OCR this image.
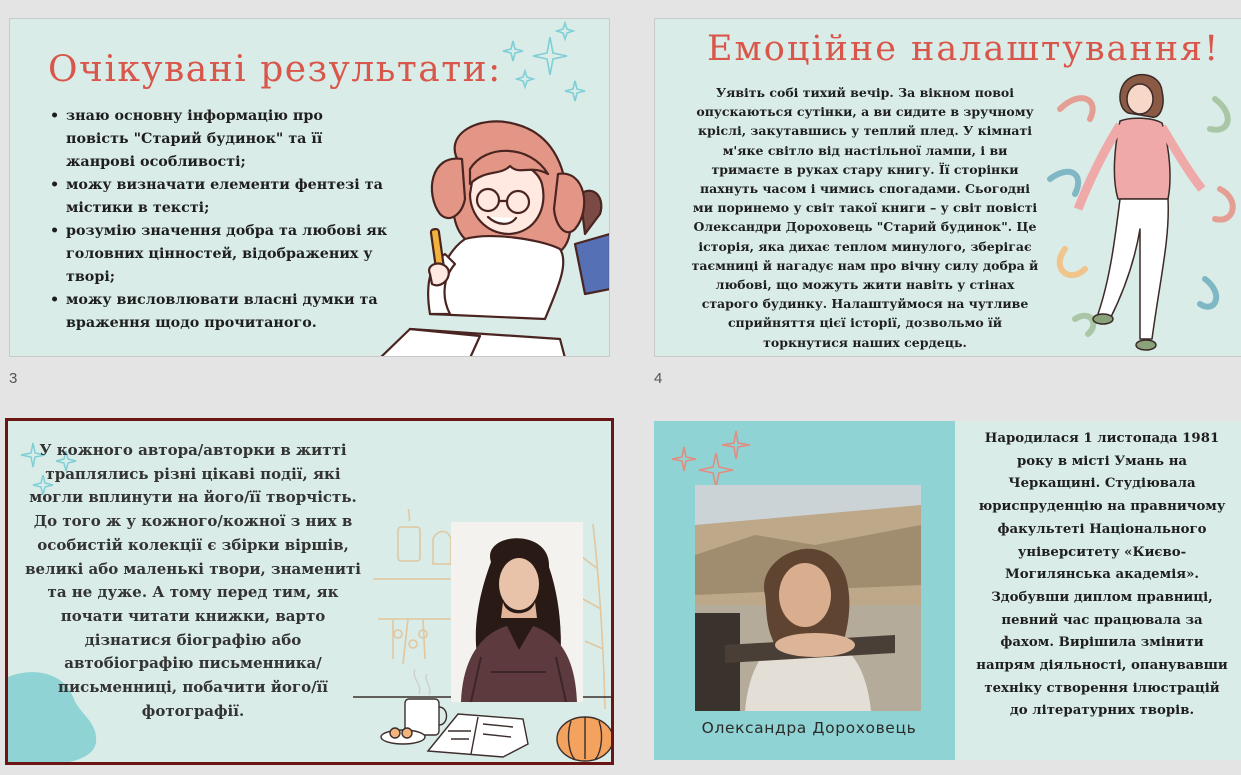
Очікувані результати:
• знаю основну інформацію про повість "Старий будинок" та її жанрові особливості;
• можу визначати елементи фентезі та містики в тексті;
• розумію значення добра та любові як головних цінностей, відображених у творі;
• можу висловлювати власні думки та враження щодо прочитаного.
3
Емоційне налаштування!
Уявіть собі тихий вечір. За вікном повоі опускаються сутінки, а ви сидите в зручному кріслі, закутавшись у теплий плед. У кімнаті м'яке світло від настільної лампи, і ви тримаєте в руках стару книгу. Її сторінки пахнуть часом і чимись спогадами. Сьогодні ми поринемо у світ такої книги – у світ повісті Олександри Дороховець "Старий будинок". Це історія, яка дихає теплом минулого, зберігає таємниці й нагадує нам про вічну силу добра й любові, що можуть жити навіть у стінах старого будинку. Налаштуймося на чутливе сприйняття цієї історії, дозвольмо їй торкнутися наших сердець.
4
У кожного автора/авторки в житті траплялись різні цікаві події, які могли вплинути на його/її творчість. До того ж у кожного/кожної з них в особистій колекції є збірки віршів, великі або маленькі твори, знамениті та не дуже. А тому перед тим, як почати читати книжки, варто дізнатися біографію або автобіографію письменника/письменниці, побачити його/її фотографії.
Олександра Дороховець
Народилася 1 листопада 1981 року в місті Умань на Черкащині. Студіювала юриспруденцію на правничому факультеті Національного університету «Києво-Могилянська академія». Здобувши диплом правниці, певний час працювала за фахом. Вирішила змінити напрям діяльності, опанувавши техніку створення ілюстрацій до літературних творів.
